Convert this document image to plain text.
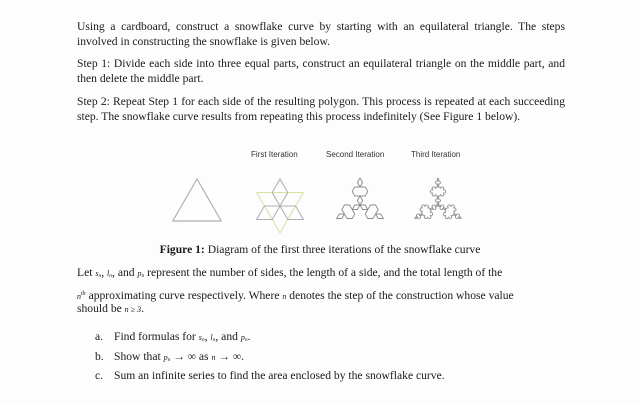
Using a cardboard, construct a snowflake curve by starting with an equilateral triangle. The steps involved in constructing the snowflake is given below.

Step 1: Divide each side into three equal parts, construct an equilateral triangle on the middle part, and then delete the middle part.

Step 2: Repeat Step 1 for each side of the resulting polygon. This process is repeated at each succeeding step. The snowflake curve results from repeating this process indefinitely (See Figure 1 below).

First Iteration	Second Iteration	Third Iteration
Figure 1: Diagram of the first three iterations of the snowflake curve

Let sn, ln, and pn represent the number of sides, the length of a side, and the total length of the

$n^{th}$ approximating curve respectively. Where n denotes the step of the construction whose value

should be n ≥ 3.

a. Find formulas for sn, ln, and pn.
b. Show that pn → ∞ as n → ∞.
c. Sum an infinite series to find the area enclosed by the snowflake curve.
